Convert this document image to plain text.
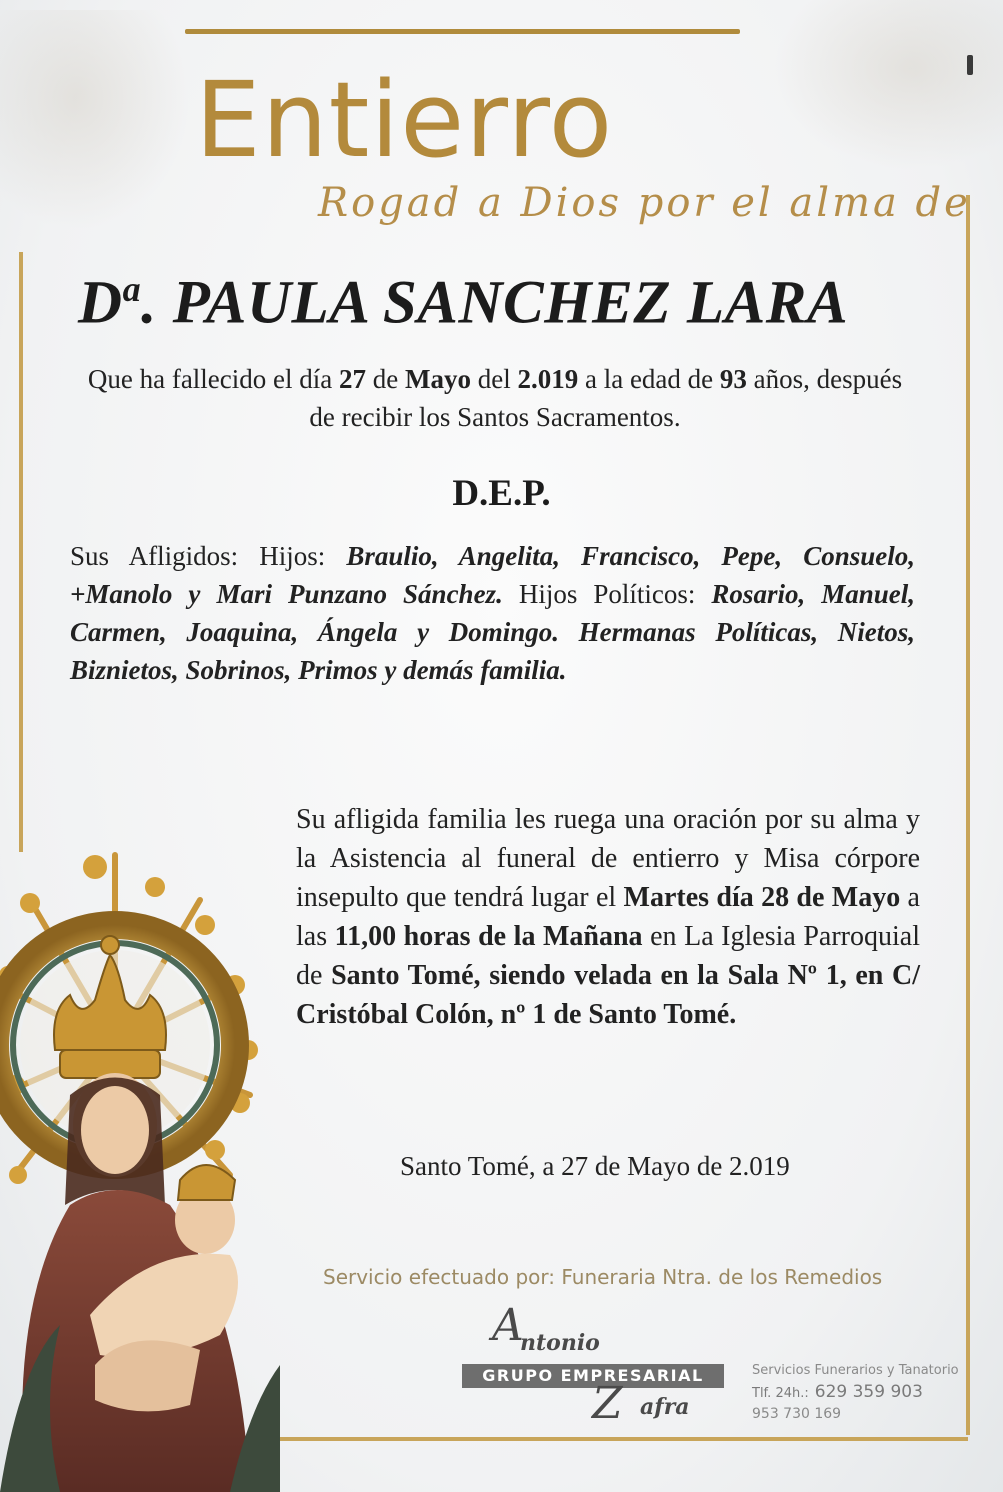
Entierro
Rogad a Dios por el alma de
$D^a$. PAULA SANCHEZ LARA
Que ha fallecido el día 27 de Mayo del 2.019 a la edad de 93 años, después de recibir los Santos Sacramentos.
D.E.P.
Sus Afligidos: Hijos: Braulio, Angelita, Francisco, Pepe, Consuelo, +Manolo y Mari Punzano Sánchez. Hijos Políticos: Rosario, Manuel, Carmen, Joaquina, Ángela y Domingo. Hermanas Políticas, Nietos, Biznietos, Sobrinos, Primos y demás familia.
Su afligida familia les ruega una oración por su alma y la Asistencia al funeral de entierro y Misa córpore insepulto que tendrá lugar el Martes día 28 de Mayo a las 11,00 horas de la Mañana en La Iglesia Parroquial de Santo Tomé, siendo velada en la Sala Nº 1, en C/ Cristóbal Colón, nº 1 de Santo Tomé.
Santo Tomé, a 27 de Mayo de 2.019
Servicio efectuado por: Funeraria Ntra. de los Remedios
A
ntonio
GRUPO EMPRESARIAL
Z afra
Servicios Funerarios y Tanatorio
Tlf. 24h.: 629 359 903
953 730 169
